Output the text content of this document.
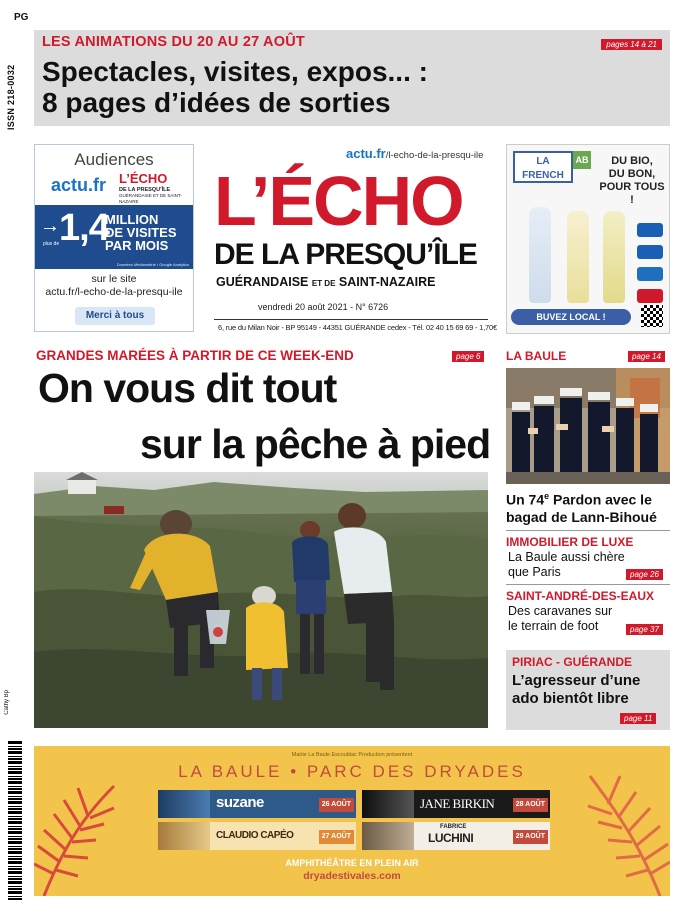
PG
ISSN 218-0032
Cathy Bp
LES ANIMATIONS DU 20 AU 27 AOÛT	pages 14 à 21
Spectacles, visites, expos... :
8 pages d’idées de sorties
Audiences
actu.fr L’ÉCHO
DE LA PRESQU’ÎLE
GUÉRANDAISE ET DE SAINT-NAZAIRE
→
plus de 1,4
MILLION
DE VISITES
PAR MOIS
Données Médiamétrie / Google Analytics
sur le site
actu.fr/l-echo-de-la-presqu-ile
Merci à tous
actu.fr/l-echo-de-la-presqu-ile
L’ÉCHO
DE LA PRESQU’ÎLE
GUÉRANDAISE ET DE SAINT-NAZAIRE
vendredi 20 août 2021 - N° 6726
6, rue du Milan Noir - BP 95149 - 44351 GUÉRANDE cedex - Tél. 02 40 15 69 69 - 1,70€
LA
FRENCH
AB	DU BIO,
DU BON,
POUR TOUS !
BUVEZ LOCAL !
GRANDES MARÉES À PARTIR DE CE WEEK-END	page 6
On vous dit tout
sur la pêche à pied
LA BAULE	page 14
Un 74e Pardon avec le
bagad de Lann-Bihoué
IMMOBILIER DE LUXE
La Baule aussi chère
que Paris	page 26
SAINT-ANDRÉ-DES-EAUX
Des caravanes sur
le terrain de foot	page 37
PIRIAC - GUÉRANDE
L’agresseur d’une
ado bientôt libre
page 11
Mairie La Baule Escoublac Production présentent
LA BAULE • PARC DES DRYADES
suzane	26 AOÛT	JANE BIRKIN	28 AOÛT
CLAUDIO CAPÉO	27 AOÛT
FABRICE
LUCHINI	29 AOÛT
AMPHITHÉÂTRE EN PLEIN AIR
dryadestivales.com
